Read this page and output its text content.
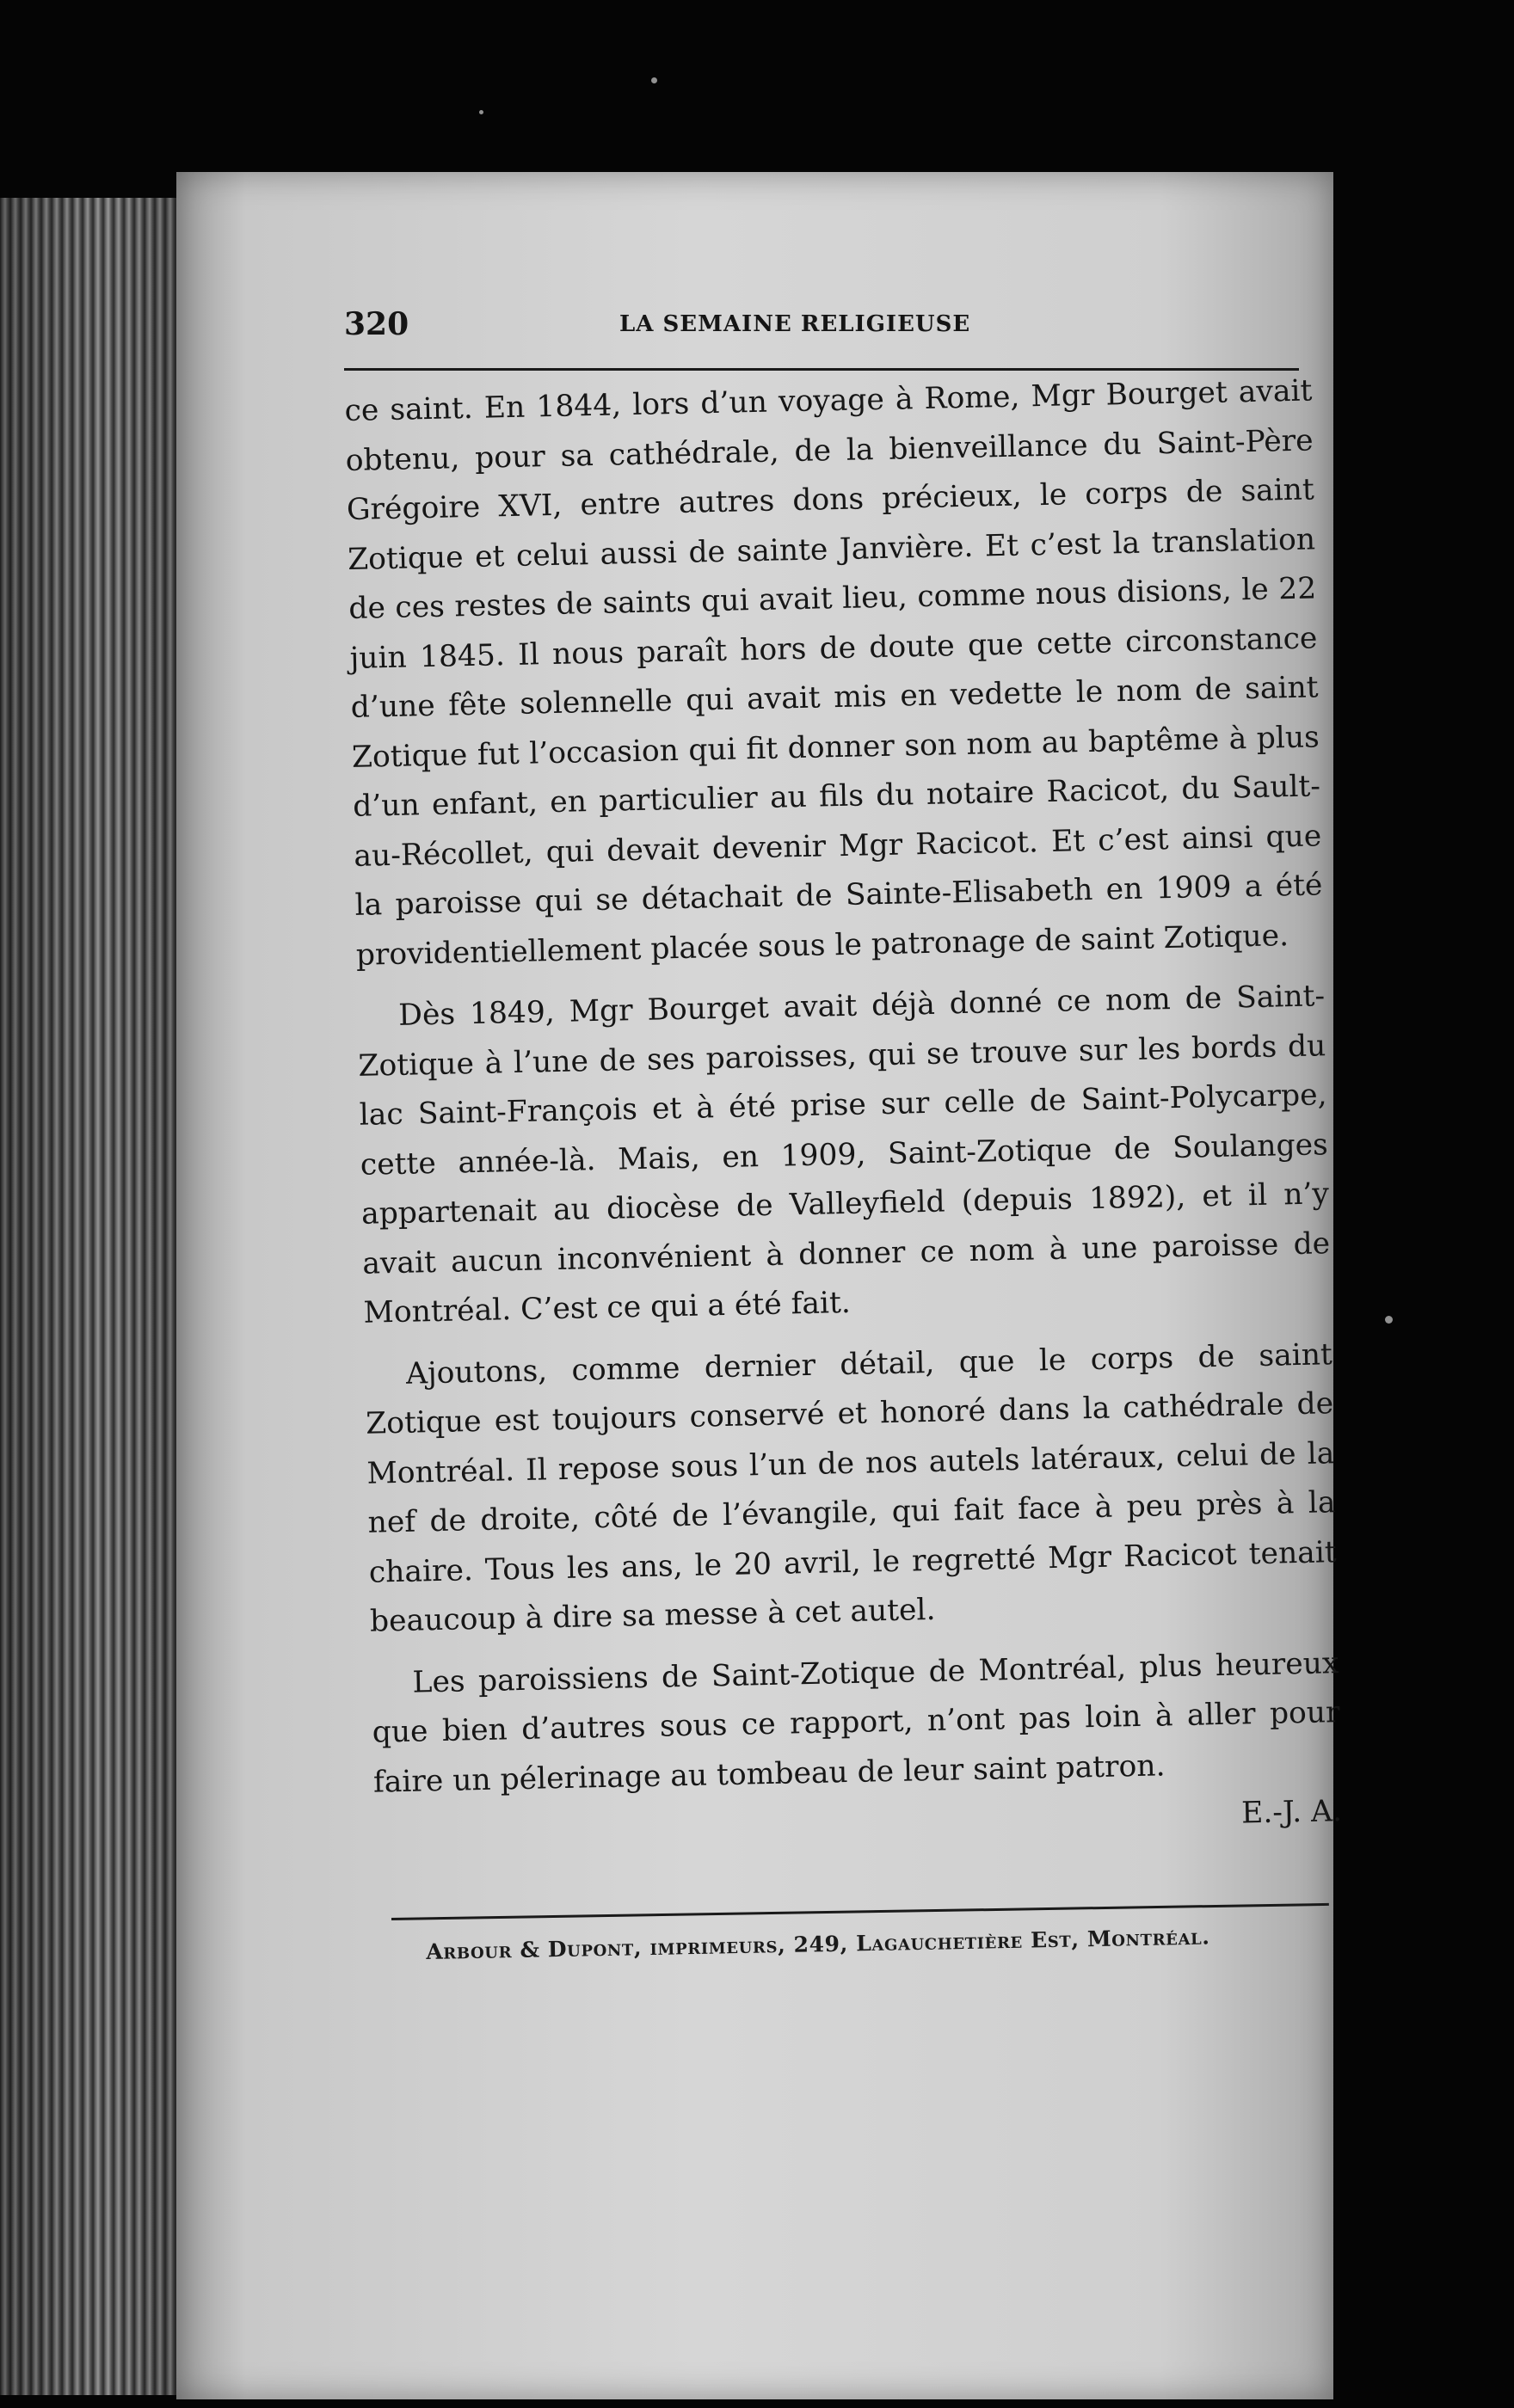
320	LA SEMAINE RELIGIEUSE

ce saint. En 1844, lors d’un voyage à Rome, Mgr Bourget avait obtenu, pour sa cathédrale, de la bienveillance du Saint-Père Grégoire XVI, entre autres dons précieux, le corps de saint Zotique et celui aussi de sainte Janvière. Et c’est la translation de ces restes de saints qui avait lieu, comme nous disions, le 22 juin 1845. Il nous paraît hors de doute que cette circonstance d’une fête solennelle qui avait mis en vedette le nom de saint Zotique fut l’occasion qui fit donner son nom au baptême à plus d’un enfant, en particulier au fils du notaire Racicot, du Sault-au-Récollet, qui devait devenir Mgr Racicot. Et c’est ainsi que la paroisse qui se détachait de Sainte-Elisabeth en 1909 a été providentiellement placée sous le patronage de saint Zotique.

Dès 1849, Mgr Bourget avait déjà donné ce nom de Saint-Zotique à l’une de ses paroisses, qui se trouve sur les bords du lac Saint-François et à été prise sur celle de Saint-Polycarpe, cette année-là. Mais, en 1909, Saint-Zotique de Soulanges appartenait au diocèse de Valleyfield (depuis 1892), et il n’y avait aucun inconvénient à donner ce nom à une paroisse de Montréal. C’est ce qui a été fait.

Ajoutons, comme dernier détail, que le corps de saint Zotique est toujours conservé et honoré dans la cathédrale de Montréal. Il repose sous l’un de nos autels latéraux, celui de la nef de droite, côté de l’évangile, qui fait face à peu près à la chaire. Tous les ans, le 20 avril, le regretté Mgr Racicot tenait beaucoup à dire sa messe à cet autel.

Les paroissiens de Saint-Zotique de Montréal, plus heureux que bien d’autres sous ce rapport, n’ont pas loin à aller pour faire un pélerinage au tombeau de leur saint patron.

E.-J. A.

Arbour & Dupont, imprimeurs, 249, Lagauchetière Est, Montréal.
